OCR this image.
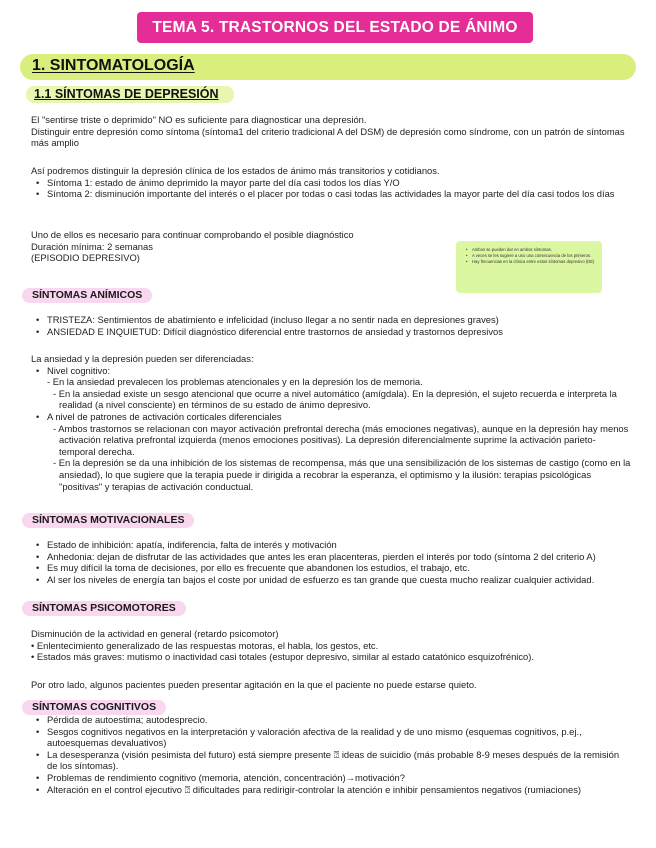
TEMA 5. TRASTORNOS DEL ESTADO DE ÁNIMO
1. SINTOMATOLOGÍA
1.1 SÍNTOMAS DE DEPRESIÓN

El "sentirse triste o deprimido" NO es suficiente para diagnosticar una depresión.

Distinguir entre depresión como síntoma (síntoma1 del criterio tradicional A del DSM) de depresión como síndrome, con un patrón de síntomas más amplio

Así podremos distinguir la depresión clínica de los estados de ánimo más transitorios y cotidianos.

• Síntoma 1: estado de ánimo deprimido la mayor parte del día casi todos los días Y/O
• Síntoma 2: disminución importante del interés o el placer por todas o casi todas las actividades la mayor parte del día casi todos los días

Uno de ellos es necesario para continuar comprobando el posible diagnóstico

Duración mínima: 2 semanas

(EPISODIO DEPRESIVO)

• Ambos se pueden dar en ambos síntomas.
• A veces se les sugiere a uno una consecuencia de los primeros.
• Hay frecuencias en la clínica entre estos síntomas depresivo (DE)
SÍNTOMAS ANÍMICOS
• TRISTEZA: Sentimientos de abatimiento e infelicidad (incluso llegar a no sentir nada en depresiones graves)
• ANSIEDAD E INQUIETUD: Difícil diagnóstico diferencial entre trastornos de ansiedad y trastornos depresivos

La ansiedad y la depresión pueden ser diferenciadas:

• Nivel cognitivo:

- En la ansiedad prevalecen los problemas atencionales y en la depresión los de memoria.

- En la ansiedad existe un sesgo atencional que ocurre a nivel automático (amígdala). En la depresión, el sujeto recuerda e interpreta la realidad (a nivel consciente) en términos de su estado de ánimo depresivo.

• A nivel de patrones de activación corticales diferenciales

- Ambos trastornos se relacionan con mayor activación prefrontal derecha (más emociones negativas), aunque en la depresión hay menos activación relativa prefrontal izquierda (menos emociones positivas). La depresión diferencialmente suprime la activación parieto-temporal derecha.

- En la depresión se da una inhibición de los sistemas de recompensa, más que una sensibilización de los sistemas de castigo (como en la ansiedad), lo que sugiere que la terapia puede ir dirigida a recobrar la esperanza, el optimismo y la ilusión: terapias psicológicas "positivas" y terapias de activación conductual.

SÍNTOMAS MOTIVACIONALES
• Estado de inhibición: apatía, indiferencia, falta de interés y motivación
• Anhedonia: dejan de disfrutar de las actividades que antes les eran placenteras, pierden el interés por todo (síntoma 2 del criterio A)
• Es muy difícil la toma de decisiones, por ello es frecuente que abandonen los estudios, el trabajo, etc.
• Al ser los niveles de energía tan bajos el coste por unidad de esfuerzo es tan grande que cuesta mucho realizar cualquier actividad.
SÍNTOMAS PSICOMOTORES

Disminución de la actividad en general (retardo psicomotor)

• Enlentecimiento generalizado de las respuestas motoras, el habla, los gestos, etc.

• Estados más graves: mutismo o inactividad casi totales (estupor depresivo, similar al estado catatónico esquizofrénico).

Por otro lado, algunos pacientes pueden presentar agitación en la que el paciente no puede estarse quieto.

SÍNTOMAS COGNITIVOS
• Pérdida de autoestima; autodesprecio.
• Sesgos cognitivos negativos en la interpretación y valoración afectiva de la realidad y de uno mismo (esquemas cognitivos, p.ej., autoesquemas devaluativos)
• La desesperanza (visión pesimista del futuro) está siempre presente ⍰ ideas de suicidio (más probable 8-9 meses después de la remisión de los síntomas).
• Problemas de rendimiento cognitivo (memoria, atención, concentración)→motivación?
• Alteración en el control ejecutivo ⍰ dificultades para redirigir-controlar la atención e inhibir pensamientos negativos (rumiaciones)
